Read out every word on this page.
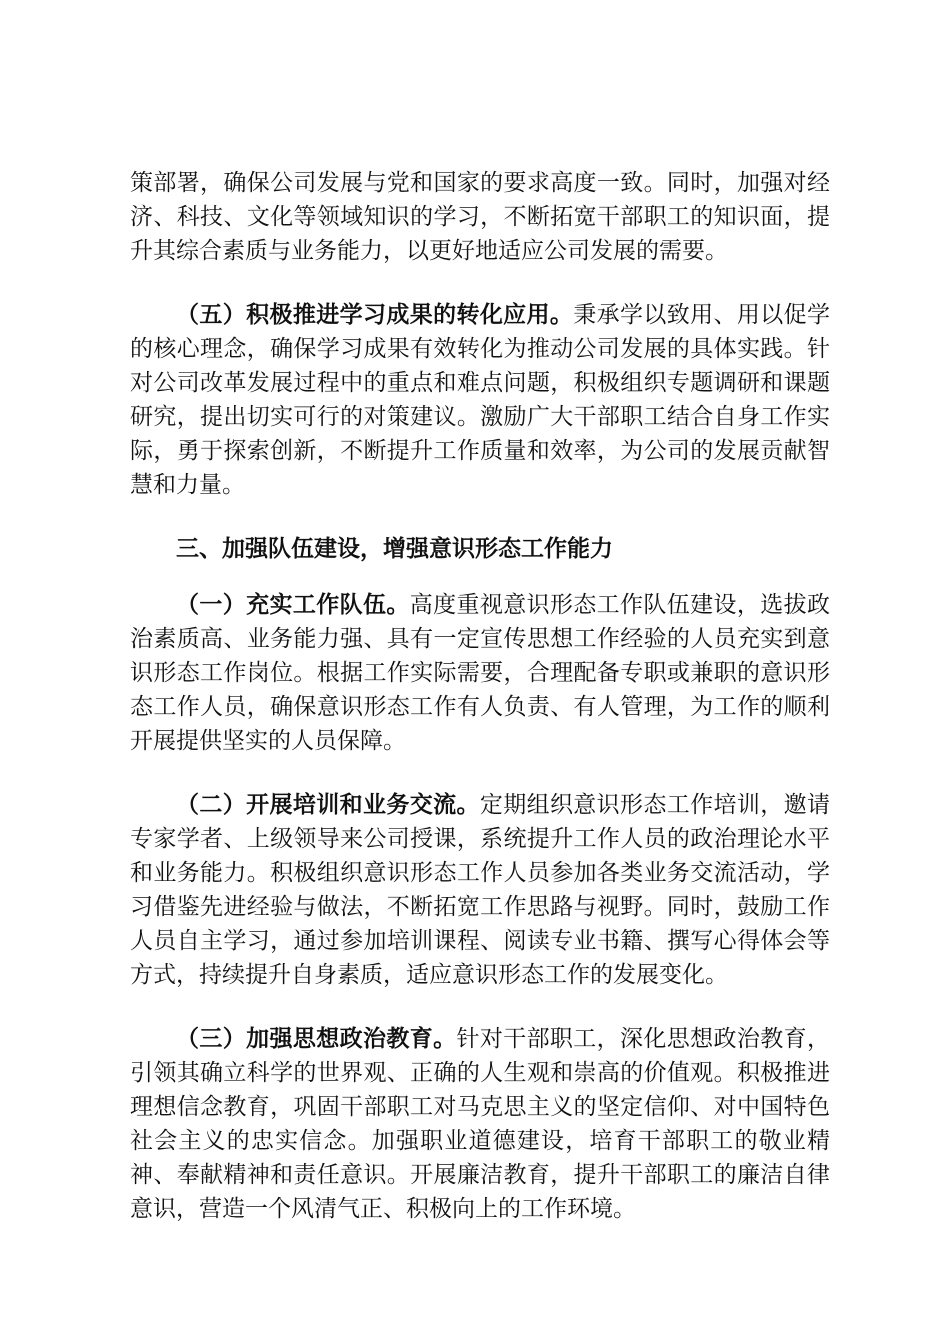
策部署，确保公司发展与党和国家的要求高度一致。同时，加强对经济、科技、文化等领域知识的学习，不断拓宽干部职工的知识面，提升其综合素质与业务能力，以更好地适应公司发展的需要。

（五）积极推进学习成果的转化应用。秉承学以致用、用以促学的核心理念，确保学习成果有效转化为推动公司发展的具体实践。针对公司改革发展过程中的重点和难点问题，积极组织专题调研和课题研究，提出切实可行的对策建议。激励广大干部职工结合自身工作实际，勇于探索创新，不断提升工作质量和效率，为公司的发展贡献智慧和力量。

三、加强队伍建设，增强意识形态工作能力

（一）充实工作队伍。高度重视意识形态工作队伍建设，选拔政治素质高、业务能力强、具有一定宣传思想工作经验的人员充实到意识形态工作岗位。根据工作实际需要，合理配备专职或兼职的意识形态工作人员，确保意识形态工作有人负责、有人管理，为工作的顺利开展提供坚实的人员保障。

（二）开展培训和业务交流。定期组织意识形态工作培训，邀请专家学者、上级领导来公司授课，系统提升工作人员的政治理论水平和业务能力。积极组织意识形态工作人员参加各类业务交流活动，学习借鉴先进经验与做法，不断拓宽工作思路与视野。同时，鼓励工作人员自主学习，通过参加培训课程、阅读专业书籍、撰写心得体会等方式，持续提升自身素质，适应意识形态工作的发展变化。

（三）加强思想政治教育。针对干部职工，深化思想政治教育，引领其确立科学的世界观、正确的人生观和崇高的价值观。积极推进理想信念教育，巩固干部职工对马克思主义的坚定信仰、对中国特色社会主义的忠实信念。加强职业道德建设，培育干部职工的敬业精神、奉献精神和责任意识。开展廉洁教育，提升干部职工的廉洁自律意识，营造一个风清气正、积极向上的工作环境。
